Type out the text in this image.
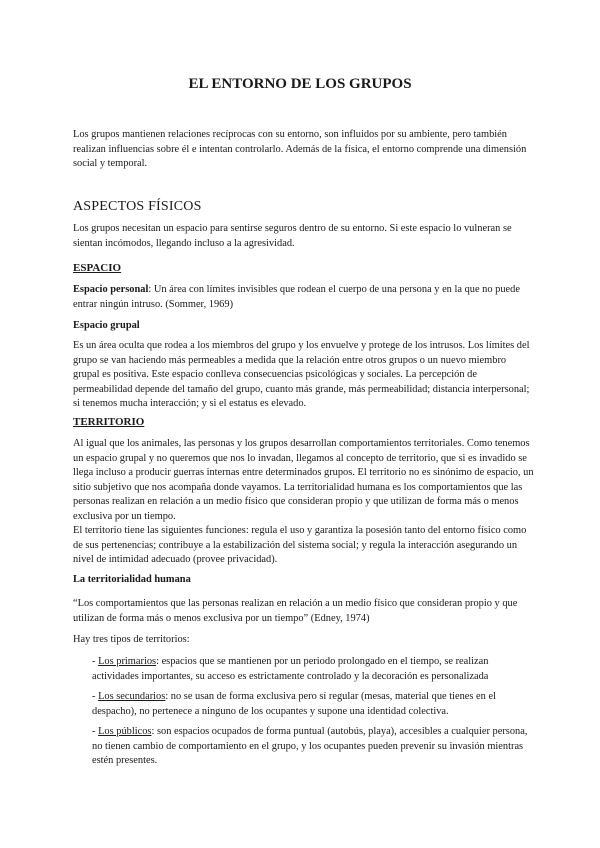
EL ENTORNO DE LOS GRUPOS

Los grupos mantienen relaciones recíprocas con su entorno, son influidos por su ambiente, pero también realizan influencias sobre él e intentan controlarlo. Además de la física, el entorno comprende una dimensión social y temporal.

ASPECTOS FÍSICOS

Los grupos necesitan un espacio para sentirse seguros dentro de su entorno. Si este espacio lo vulneran se sientan incómodos, llegando incluso a la agresividad.

ESPACIO

Espacio personal: Un área con límites invisibles que rodean el cuerpo de una persona y en la que no puede entrar ningún intruso. (Sommer, 1969)

Espacio grupal

Es un área oculta que rodea a los miembros del grupo y los envuelve y protege de los intrusos. Los límites del grupo se van haciendo más permeables a medida que la relación entre otros grupos o un nuevo miembro grupal es positiva. Este espacio conlleva consecuencias psicológicas y sociales. La percepción de permeabilidad depende del tamaño del grupo, cuanto más grande, más permeabilidad; distancia interpersonal; si tenemos mucha interacción; y si el estatus es elevado.

TERRITORIO

Al igual que los animales, las personas y los grupos desarrollan comportamientos territoriales. Como tenemos un espacio grupal y no queremos que nos lo invadan, llegamos al concepto de territorio, que si es invadido se llega incluso a producir guerras internas entre determinados grupos. El territorio no es sinónimo de espacio, un sitio subjetivo que nos acompaña donde vayamos. La territorialidad humana es los comportamientos que las personas realizan en relación a un medio físico que consideran propio y que utilizan de forma más o menos exclusiva por un tiempo.

El territorio tiene las siguientes funciones: regula el uso y garantiza la posesión tanto del entorno físico como de sus pertenencias; contribuye a la estabilización del sistema social; y regula la interacción asegurando un nivel de intimidad adecuado (provee privacidad).

La territorialidad humana

“Los comportamientos que las personas realizan en relación a un medio físico que consideran propio y que utilizan de forma más o menos exclusiva por un tiempo” (Edney, 1974)

Hay tres tipos de territorios:

- Los primarios: espacios que se mantienen por un periodo prolongado en el tiempo, se realizan actividades importantes, su acceso es estrictamente controlado y la decoración es personalizada

- Los secundarios: no se usan de forma exclusiva pero sí regular (mesas, material que tienes en el despacho), no pertenece a ninguno de los ocupantes y supone una identidad colectiva.

- Los públicos: son espacios ocupados de forma puntual (autobús, playa), accesibles a cualquier persona, no tienen cambio de comportamiento en el grupo, y los ocupantes pueden prevenir su invasión mientras estén presentes.
